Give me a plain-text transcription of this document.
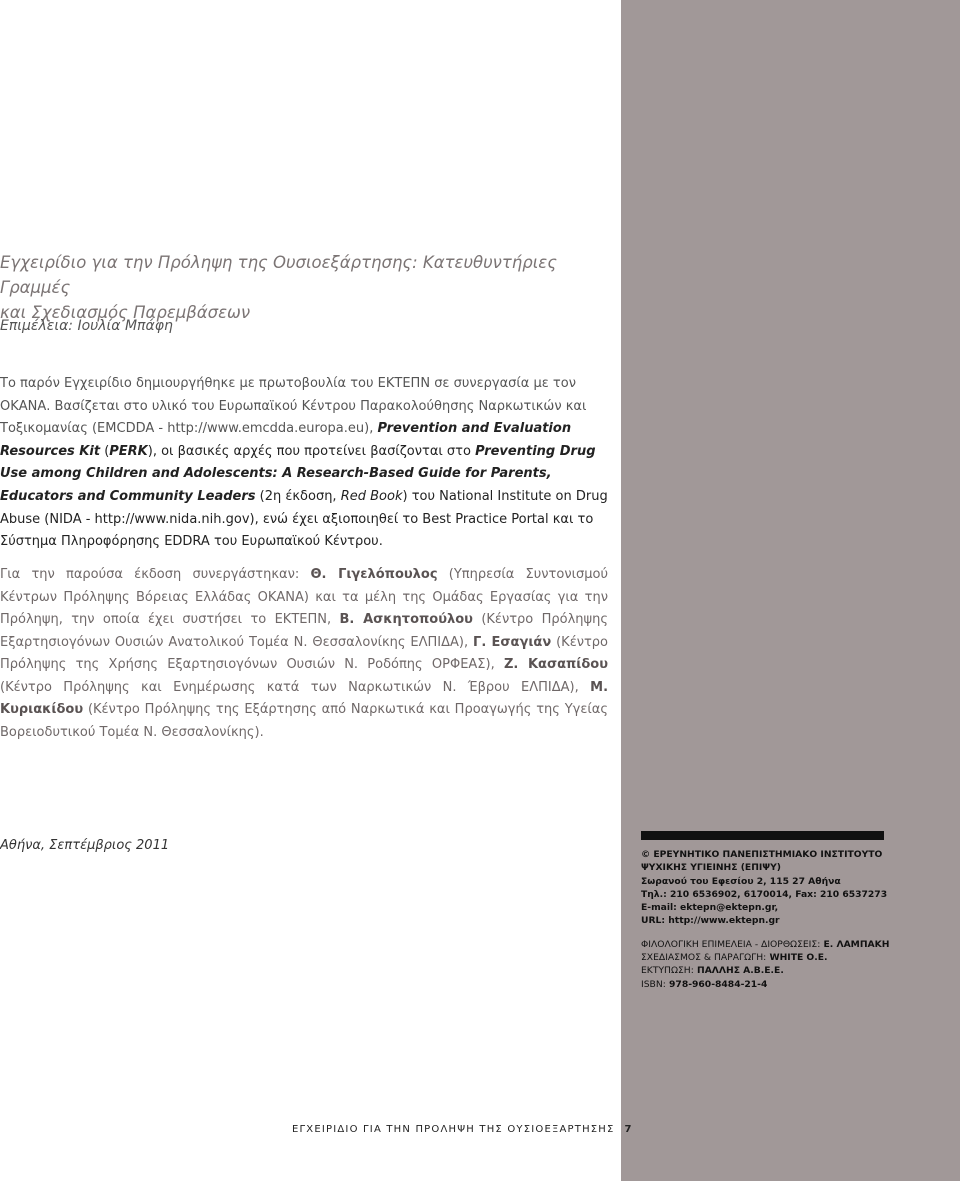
Εγχειρίδιο για την Πρόληψη της Ουσιοεξάρτησης: Κατευθυντήριες Γραμμές
και Σχεδιασμός Παρεμβάσεων
Επιμέλεια: Ιουλία Μπάφη
Το παρόν Εγχειρίδιο δημιουργήθηκε με πρωτοβουλία του ΕΚΤΕΠΝ σε συνεργασία με τον ΟΚΑΝΑ. Βασίζεται στο υλικό του Ευρωπαϊκού Κέντρου Παρακολούθησης Ναρκωτικών και Τοξικομανίας (EMCDDA - http://www.emcdda.europa.eu), Prevention and Evaluation Resources Kit (PERK), οι βασικές αρχές που προτείνει βασίζονται στο Preventing Drug Use among Children and Adolescents: A Research-Based Guide for Parents, Educators and Community Leaders (2η έκδοση, Red Book) του National Institute on Drug Abuse (NIDA - http://www.nida.nih.gov), ενώ έχει αξιοποιηθεί το Best Practice Portal και το Σύστημα Πληροφόρησης EDDRA του Ευρωπαϊκού Κέντρου.
Για την παρούσα έκδοση συνεργάστηκαν: Θ. Γιγελόπουλος (Υπηρεσία Συντονισμού Κέντρων Πρόληψης Βόρειας Ελλάδας ΟΚΑΝΑ) και τα μέλη της Ομάδας Εργασίας για την Πρόληψη, την οποία έχει συστήσει το ΕΚΤΕΠΝ, Β. Ασκητοπούλου (Κέντρο Πρόληψης Εξαρτησιογόνων Ουσιών Ανατολικού Τομέα Ν. Θεσσαλονίκης ΕΛΠΙΔΑ), Γ. Εσαγιάν (Κέντρο Πρόληψης της Χρήσης Εξαρτησιογόνων Ουσιών Ν. Ροδόπης ΟΡΦΕΑΣ), Ζ. Κασαπίδου (Κέντρο Πρόληψης και Ενημέρωσης κατά των Ναρκωτικών Ν. Έβρου ΕΛΠΙΔΑ), Μ. Κυριακίδου (Κέντρο Πρόληψης της Εξάρτησης από Ναρκωτικά και Προαγωγής της Υγείας Βορειοδυτικού Τομέα Ν. Θεσσαλονίκης).
Αθήνα, Σεπτέμβριος 2011
© ΕΡΕΥΝΗΤΙΚΟ ΠΑΝΕΠΙΣΤΗΜΙΑΚΟ ΙΝΣΤΙΤΟΥΤΟ
ΨΥΧΙΚΗΣ ΥΓΙΕΙΝΗΣ (ΕΠΙΨΥ)
Σωρανού του Εφεσίου 2, 115 27 Αθήνα
Τηλ.: 210 6536902, 6170014, Fax: 210 6537273
E-mail: ektepn@ektepn.gr,
URL: http://www.ektepn.gr
ΦΙΛΟΛΟΓΙΚΗ ΕΠΙΜΕΛΕΙΑ - ΔΙΟΡΘΩΣΕΙΣ: Ε. ΛΑΜΠΑΚΗ
ΣΧΕΔΙΑΣΜΟΣ & ΠΑΡΑΓΩΓΗ: WHITE Ο.Ε.
ΕΚΤΥΠΩΣΗ: ΠΑΛΛΗΣ Α.Β.Ε.Ε.
ISBN: 978-960-8484-21-4
ΕΓΧΕΙΡΙΔΙΟ ΓΙΑ ΤΗΝ ΠΡΟΛΗΨΗ ΤΗΣ ΟΥΣΙΟΕΞΑΡΤΗΣΗΣ 7
